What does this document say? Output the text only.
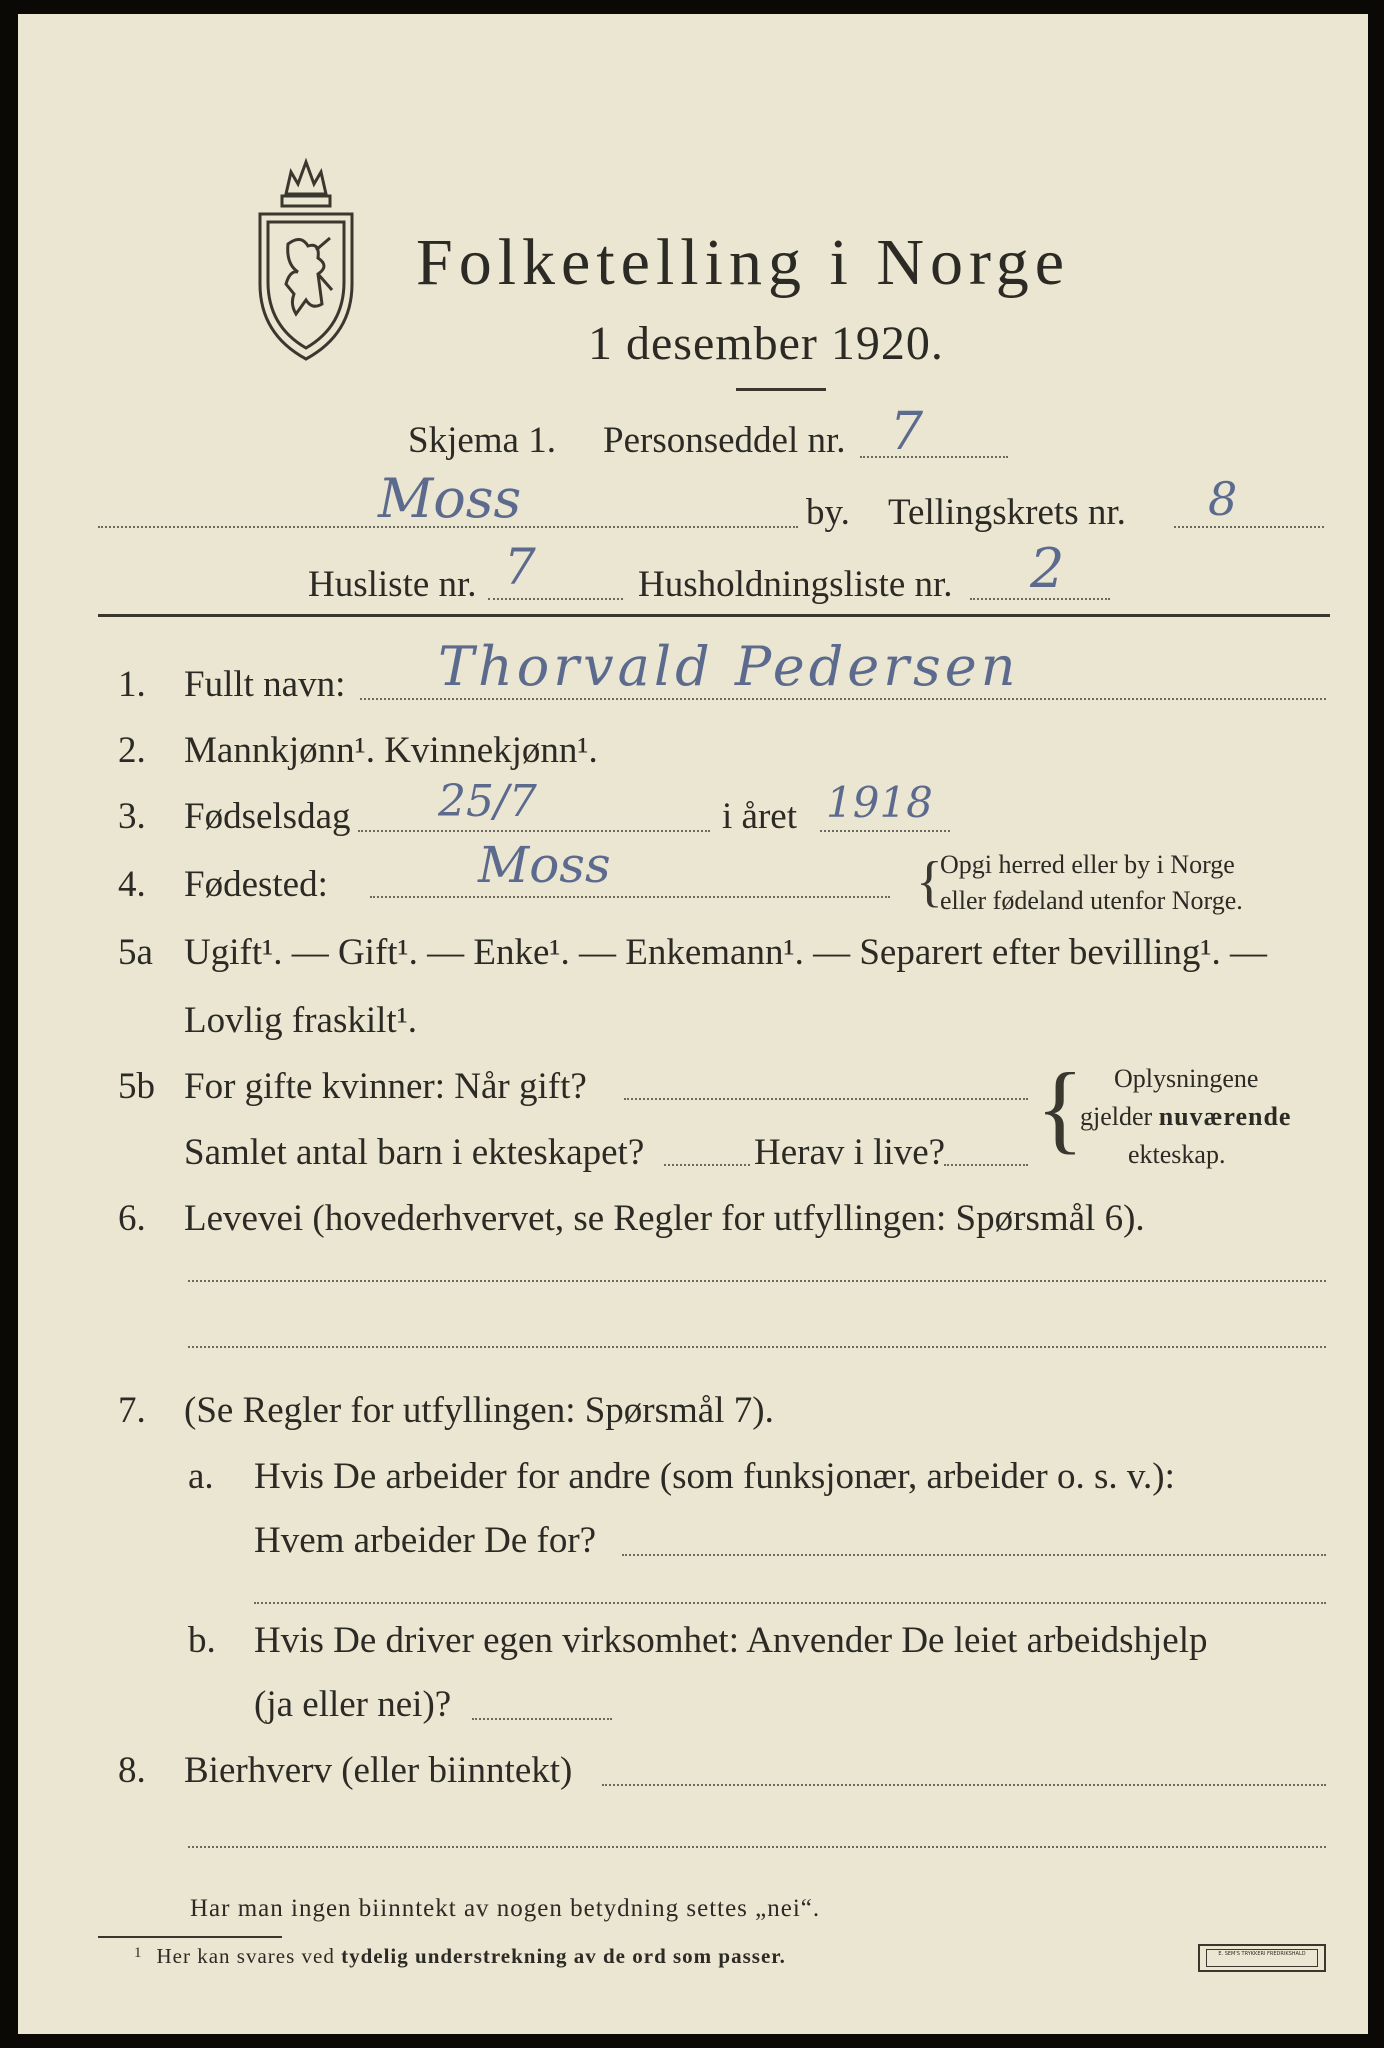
Folketelling i Norge
1 desember 1920.
Skjema 1. Personseddel nr. 7
Moss	by. Tellingskrets nr. 8
Husliste nr. 7	Husholdningsliste nr. 2
1. Fullt navn: Thorvald Pedersen
2. Mannkjønn¹. Kvinnekjønn¹.
3. Fødselsdag 25/7	i året 1918
4. Fødested:	Moss	{
Opgi herred eller by i Norge
eller fødeland utenfor Norge.
5a Ugift¹. — Gift¹. — Enke¹. — Enkemann¹. — Separert efter bevilling¹. —
Lovlig fraskilt¹.
5b For gifte kvinner: Når gift?
Samlet antal barn i ekteskapet?	Herav i live? { Oplysningene
gjelder nuværende
ekteskap.
6. Levevei (hovederhvervet, se Regler for utfyllingen: Spørsmål 6).
7. (Se Regler for utfyllingen: Spørsmål 7).
a. Hvis De arbeider for andre (som funksjonær, arbeider o. s. v.):
Hvem arbeider De for?
b. Hvis De driver egen virksomhet: Anvender De leiet arbeidshjelp
(ja eller nei)?
8. Bierhverv (eller biinntekt)
Har man ingen biinntekt av nogen betydning settes „nei“.
$^1$ Her kan svares ved tydelig understrekning av de ord som passer.	E. SEM'S TRYKKERI FREDRIKSHALD
